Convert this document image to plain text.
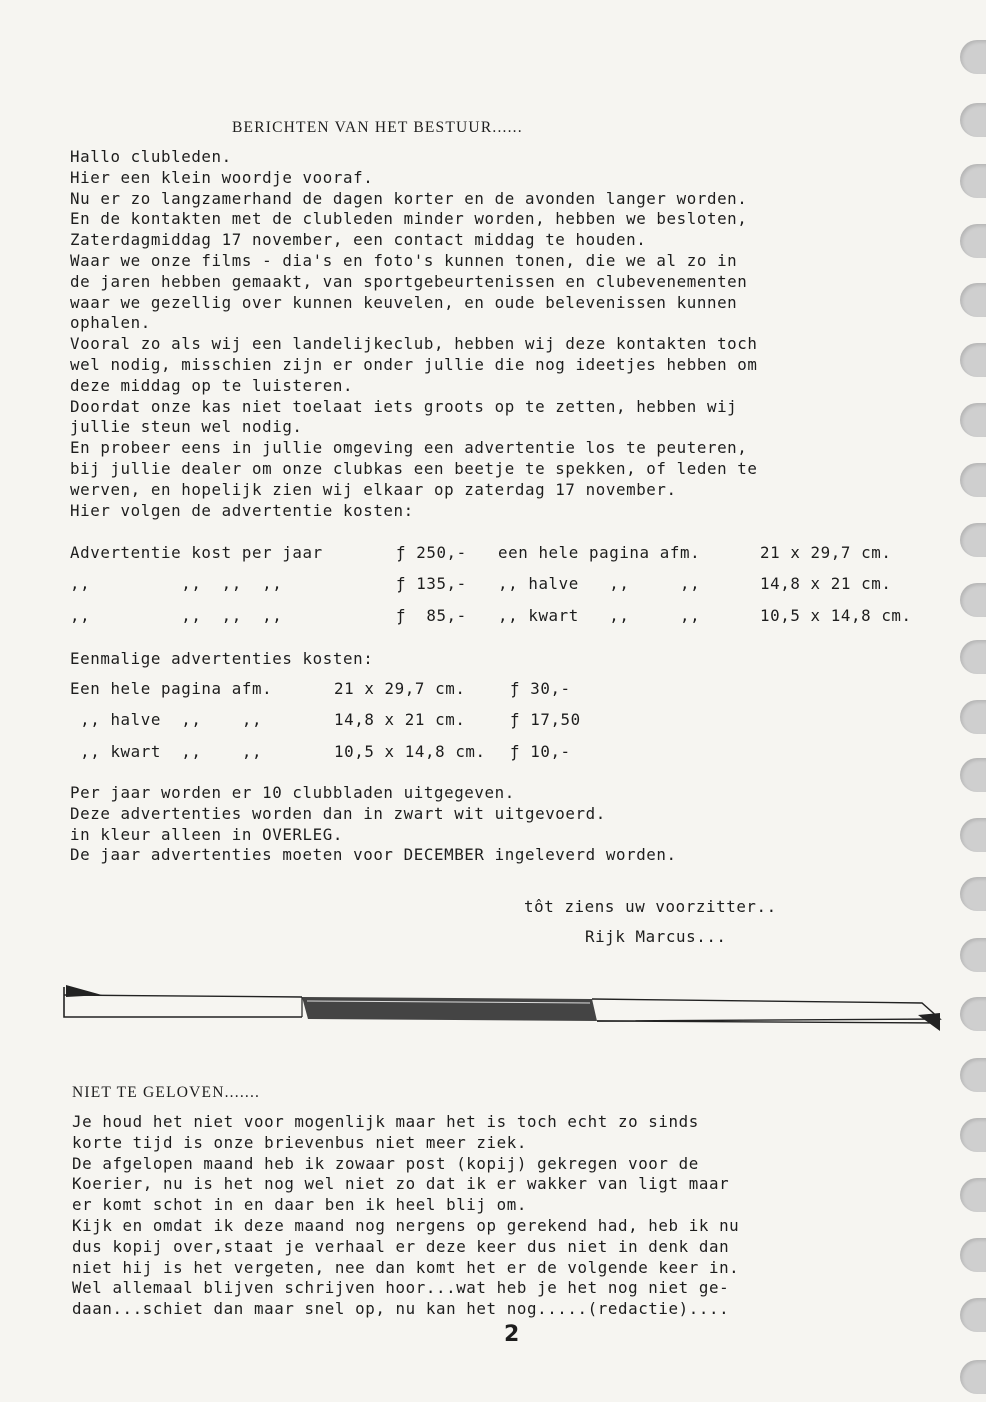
BERICHTEN VAN HET BESTUUR......
Hallo clubleden.
Hier een klein woordje vooraf.
Nu er zo langzamerhand de dagen korter en de avonden langer worden.
En de kontakten met de clubleden minder worden, hebben we besloten,
Zaterdagmiddag 17 november, een contact middag te houden.
Waar we onze films - dia's en foto's kunnen tonen, die we al zo in
de jaren hebben gemaakt, van sportgebeurtenissen en clubevenementen
waar we gezellig over kunnen keuvelen, en oude belevenissen kunnen
ophalen.
Vooral zo als wij een landelijkeclub, hebben wij deze kontakten toch
wel nodig, misschien zijn er onder jullie die nog ideetjes hebben om
deze middag op te luisteren.
Doordat onze kas niet toelaat iets groots op te zetten, hebben wij
jullie steun wel nodig.
En probeer eens in jullie omgeving een advertentie los te peuteren,
bij jullie dealer om onze clubkas een beetje te spekken, of leden te
werven, en hopelijk zien wij elkaar op zaterdag 17 november.
Hier volgen de advertentie kosten:
Advertentie kost per jaar	ƒ 250,- een hele pagina afm.	21 x 29,7 cm.
,,         ,,  ,,  ,,	ƒ 135,- ,, halve   ,,     ,,	14,8 x 21 cm.
,,         ,,  ,,  ,,	ƒ  85,- ,, kwart   ,,     ,,	10,5 x 14,8 cm.
Eenmalige advertenties kosten:
Een hele pagina afm.	21 x 29,7 cm.	ƒ 30,-
,, halve  ,,    ,,	14,8 x 21 cm.	ƒ 17,50
,, kwart  ,,    ,,	10,5 x 14,8 cm. ƒ 10,-
Per jaar worden er 10 clubbladen uitgegeven.
Deze advertenties worden dan in zwart wit uitgevoerd.
in kleur alleen in OVERLEG.
De jaar advertenties moeten voor DECEMBER ingeleverd worden.
tôt ziens uw voorzitter..
Rijk Marcus...
NIET TE GELOVEN.......
Je houd het niet voor mogenlijk maar het is toch echt zo sinds
korte tijd is onze brievenbus niet meer ziek.
De afgelopen maand heb ik zowaar post (kopij) gekregen voor de
Koerier, nu is het nog wel niet zo dat ik er wakker van ligt maar
er komt schot in en daar ben ik heel blij om.
Kijk en omdat ik deze maand nog nergens op gerekend had, heb ik nu
dus kopij over,staat je verhaal er deze keer dus niet in denk dan
niet hij is het vergeten, nee dan komt het er de volgende keer in.
Wel allemaal blijven schrijven hoor...wat heb je het nog niet ge-
daan...schiet dan maar snel op, nu kan het nog.....(redactie)....
2
